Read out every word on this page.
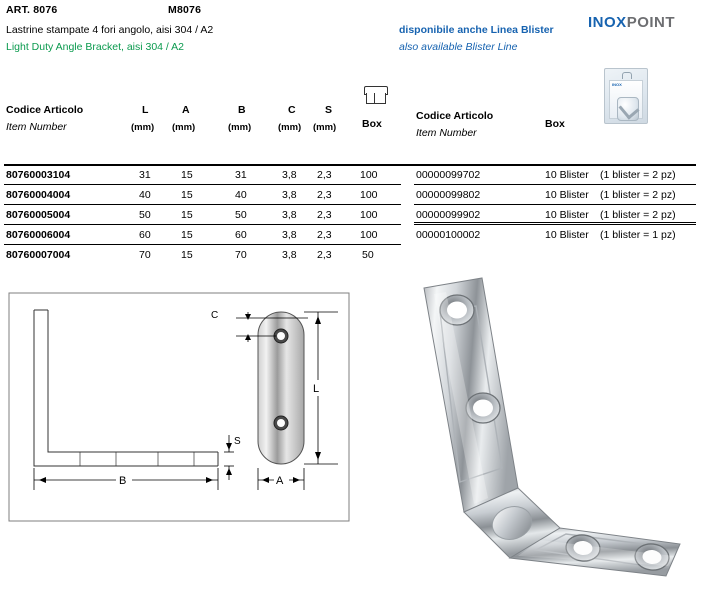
ART. 8076	M8076
Lastrine stampate 4 fori angolo, aisi 304 / A2
Light Duty Angle Bracket, aisi 304 / A2
disponibile anche Linea Blister
also available Blister Line
INOXPOINT
INOX
Codice Articolo
Item Number
L	A	B	C	S
Box
(mm) (mm)	(mm)	(mm) (mm)
Codice Articolo
Item Number
Box
80760003104	31	15	31	3,8 2,3	100	00000099702	10 Blister (1 blister = 2 pz)
80760004004	40	15	40	3,8 2,3	100	00000099802	10 Blister (1 blister = 2 pz)
80760005004	50	15	50	3,8 2,3	100	00000099902	10 Blister (1 blister = 2 pz)
80760006004	60	15	60	3,8 2,3	100	00000100002	10 Blister (1 blister = 1 pz)
80760007004	70	15	70	3,8 2,3	50
C
L
S
B	A
